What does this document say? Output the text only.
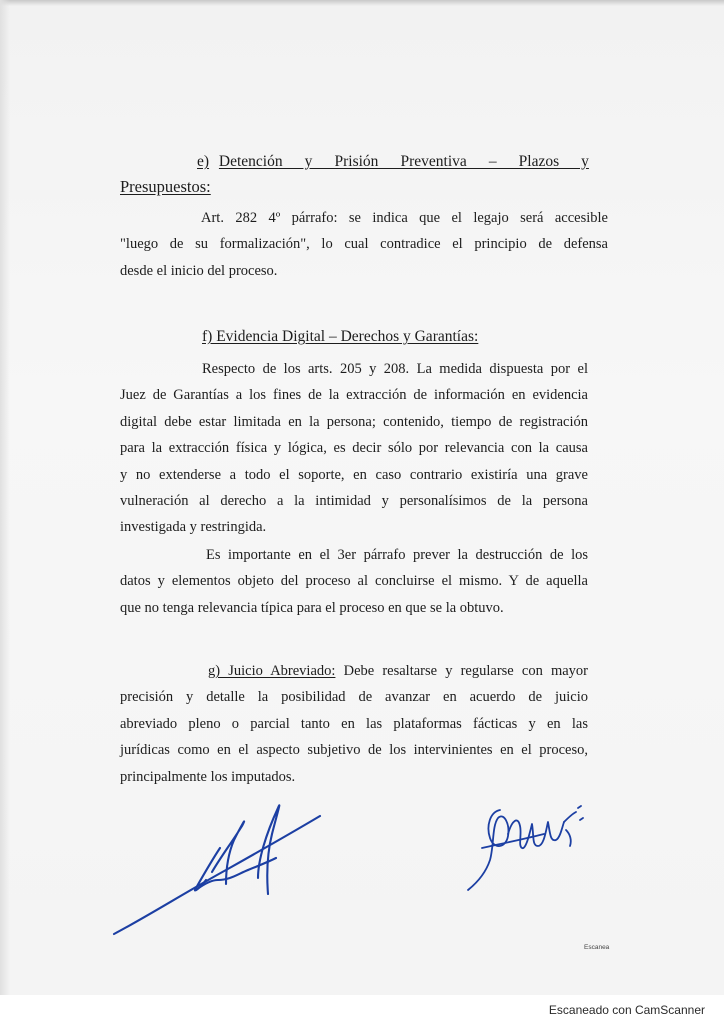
e) Detención y Prisión Preventiva – Plazos y
Presupuestos:
Art. 282 4º párrafo: se indica que el legajo será accesible
"luego de su formalización", lo cual contradice el principio de defensa
desde el inicio del proceso.
f) Evidencia Digital – Derechos y Garantías:
Respecto de los arts. 205 y 208. La medida dispuesta por el
Juez de Garantías a los fines de la extracción de información en evidencia
digital debe estar limitada en la persona; contenido, tiempo de registración
para la extracción física y lógica, es decir sólo por relevancia con la causa
y no extenderse a todo el soporte, en caso contrario existiría una grave
vulneración al derecho a la intimidad y personalísimos de la persona
investigada y restringida.
Es importante en el 3er párrafo prever la destrucción de los
datos y elementos objeto del proceso al concluirse el mismo. Y de aquella
que no tenga relevancia típica para el proceso en que se la obtuvo.
g) Juicio Abreviado: Debe resaltarse y regularse con mayor
precisión y detalle la posibilidad de avanzar en acuerdo de juicio
abreviado pleno o parcial tanto en las plataformas fácticas y en las
jurídicas como en el aspecto subjetivo de los intervinientes en el proceso,
principalmente los imputados.
Escanea
Escaneado con CamScanner
